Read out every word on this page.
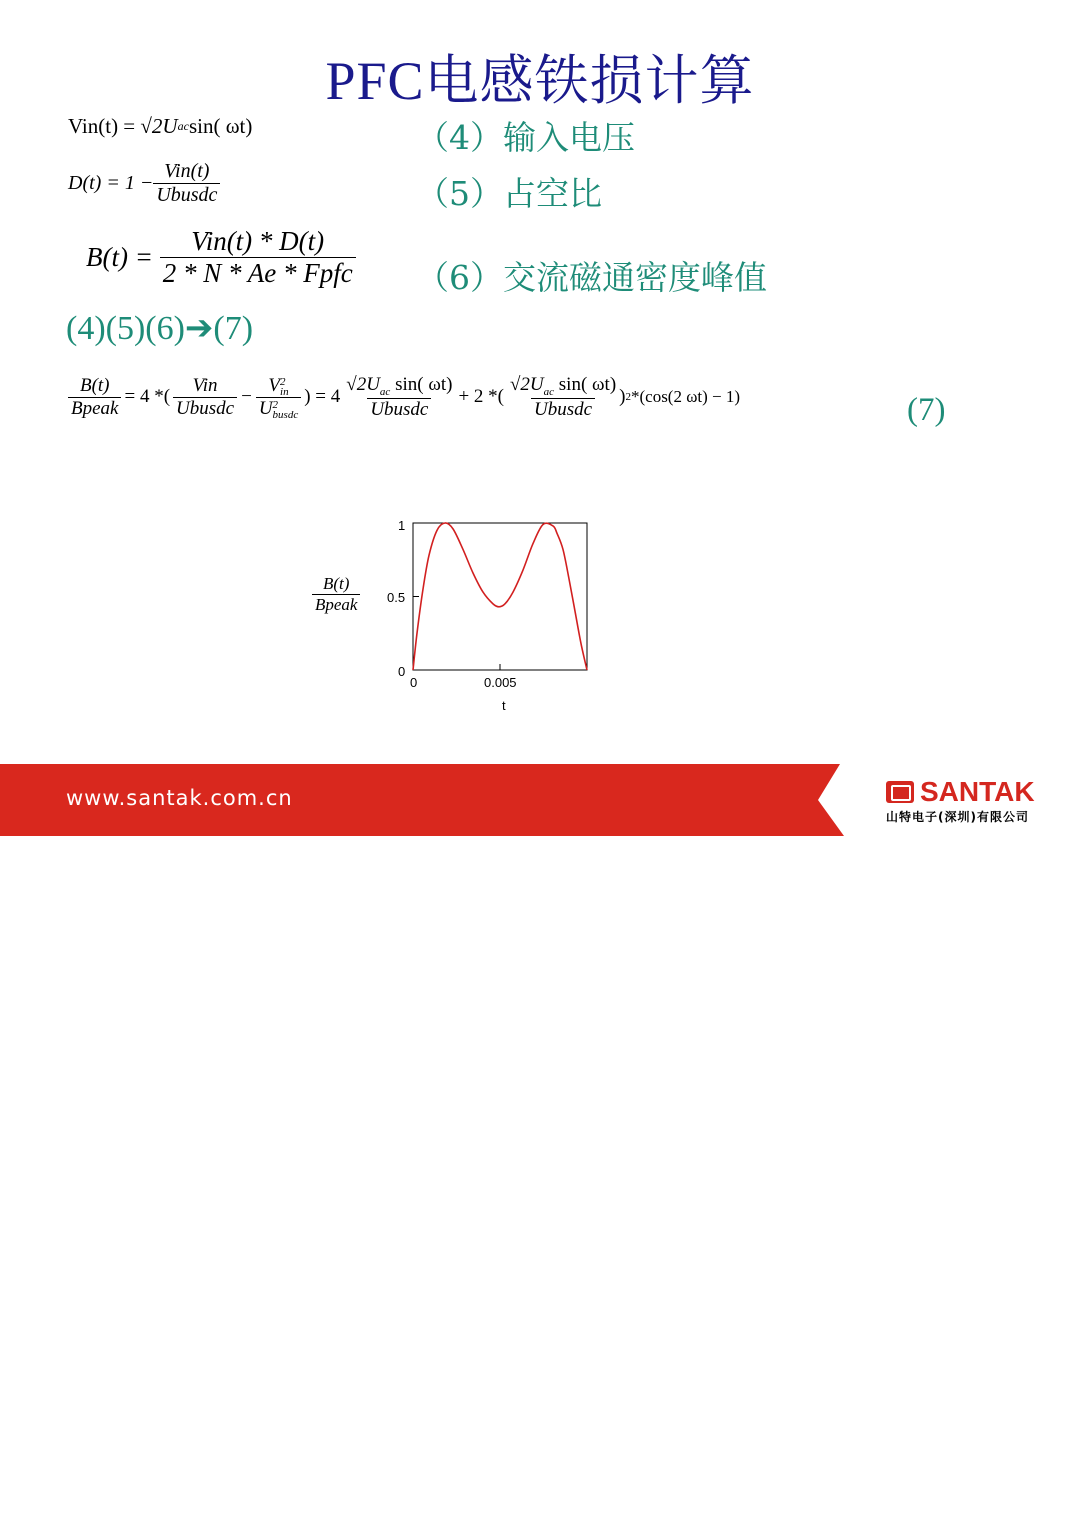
PFC电感铁损计算
Vin(t) =
√2U ac sin( ωt)	（4）输入电压
$D(t) = 1 - \frac{\text{Vin(t)}}{\text{Ubusdc}}$	（5）占空比
B(t) =
$\frac{\text{Vin(t) * D(t)}}{\text{2 * N * Ae * Fpfc}} (6)$交流磁通密度峰值
(4)(5)(6)➔(7)
$\frac{B(t)}{\text{Bpeak}} = 4$ *( $\frac{\text{Vin}}{\text{Ubusdc}} - V$ 2
in
U 2
busdc ) = $4 \frac{√2U_{ac} \sin( \omega t)}{\text{Ubusdc}} + 2$ *( $\frac{√2U_{ac} \sin( \omega t)}{\text{Ubusdc}}$ ) 2 *(cos(2 ωt) − 1)	(7)
B(t)
Bpeak
1
0.5
0
0	0.005
t
www.santak.com.cn	SANTAK
山特电子(深圳)有限公司
